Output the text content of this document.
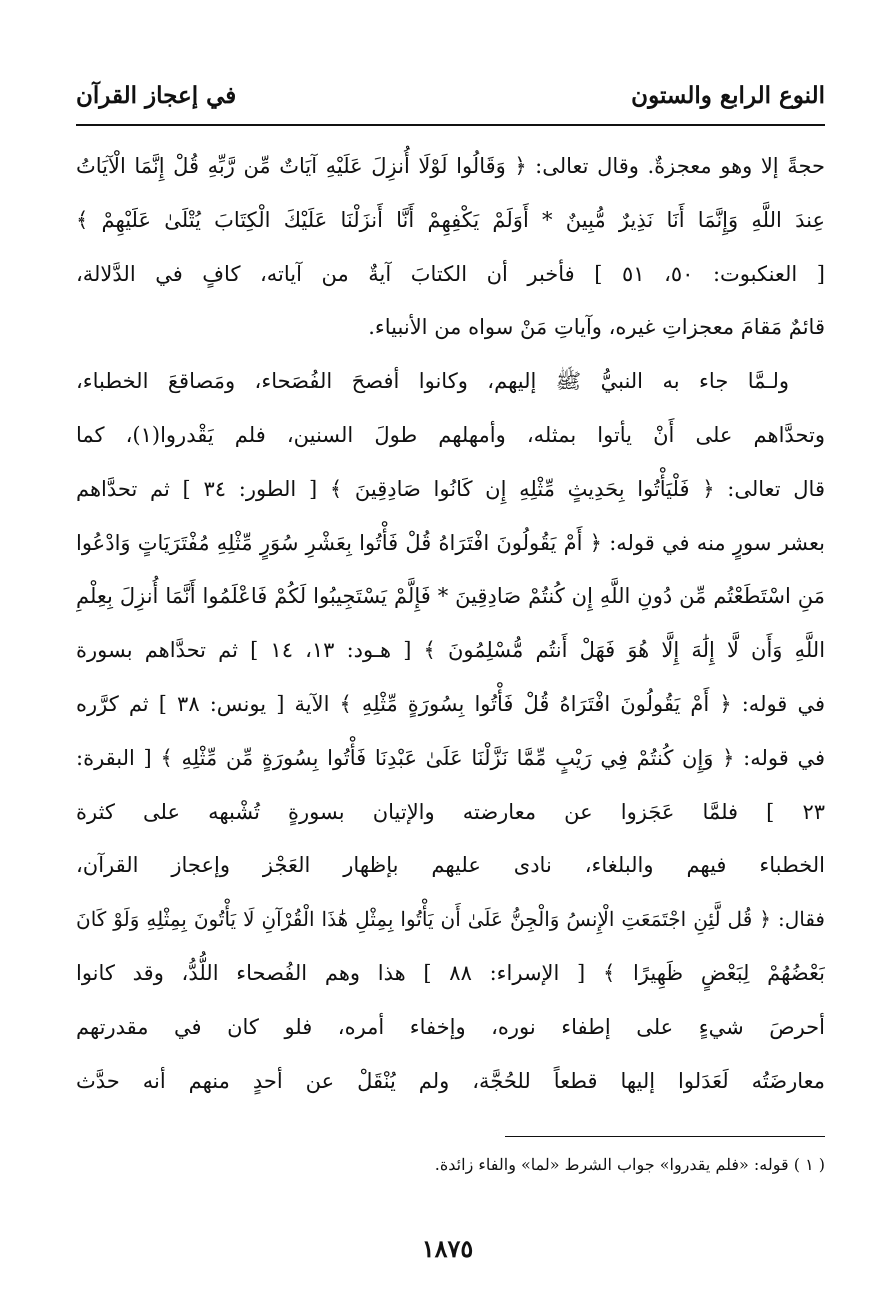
النوع الرابع والستون
في إعجاز القرآن
حجةً إلا وهو معجزةٌ. وقال تعالى: ﴿ وَقَالُوا لَوْلَا أُنزِلَ عَلَيْهِ آيَاتٌ مِّن رَّبِّهِ قُلْ إِنَّمَا الْآيَاتُ
عِندَ اللَّهِ وَإِنَّمَا أَنَا نَذِيرٌ مُّبِينٌ * أَوَلَمْ يَكْفِهِمْ أَنَّا أَنزَلْنَا عَلَيْكَ الْكِتَابَ يُتْلَىٰ عَلَيْهِمْ ﴾
[ العنكبوت: ٥٠، ٥١ ] فأخبر أن الكتابَ آيةٌ من آياته، كافٍ في الدَّلالة،
قائمٌ مَقامَ معجزاتِ غيره، وآياتِ مَنْ سواه من الأنبياء.
ولـمَّا جاء به النبيُّ ﷺ إليهم، وكانوا أفصحَ الفُصَحاء، ومَصاقعَ الخطباء،
وتحدَّاهم على أَنْ يأتوا بمثله، وأمهلهم طولَ السنين، فلم يَقْدروا(١)، كما
قال تعالى: ﴿ فَلْيَأْتُوا بِحَدِيثٍ مِّثْلِهِ إِن كَانُوا صَادِقِينَ ﴾ [ الطور: ٣٤ ] ثم تحدَّاهم
بعشر سورٍ منه في قوله: ﴿ أَمْ يَقُولُونَ افْتَرَاهُ قُلْ فَأْتُوا بِعَشْرِ سُوَرٍ مِّثْلِهِ مُفْتَرَيَاتٍ وَادْعُوا
مَنِ اسْتَطَعْتُم مِّن دُونِ اللَّهِ إِن كُنتُمْ صَادِقِينَ * فَإِلَّمْ يَسْتَجِيبُوا لَكُمْ فَاعْلَمُوا أَنَّمَا أُنزِلَ بِعِلْمِ
اللَّهِ وَأَن لَّا إِلَٰهَ إِلَّا هُوَ فَهَلْ أَنتُم مُّسْلِمُونَ ﴾ [ هـود: ١٣، ١٤ ] ثم تحدَّاهم بسورة
في قوله: ﴿ أَمْ يَقُولُونَ افْتَرَاهُ قُلْ فَأْتُوا بِسُورَةٍ مِّثْلِهِ ﴾ الآية [ يونس: ٣٨ ] ثم كرَّره
في قوله: ﴿ وَإِن كُنتُمْ فِي رَيْبٍ مِّمَّا نَزَّلْنَا عَلَىٰ عَبْدِنَا فَأْتُوا بِسُورَةٍ مِّن مِّثْلِهِ ﴾ [ البقرة:
٢٣ ] فلمَّا عَجَزوا عن معارضته والإتيان بسورةٍ تُشْبهه على كثرة
الخطباء فيهم والبلغاء، نادى عليهم بإظهار العَجْز وإعجاز القرآن،
فقال: ﴿ قُل لَّئِنِ اجْتَمَعَتِ الْإِنسُ وَالْجِنُّ عَلَىٰ أَن يَأْتُوا بِمِثْلِ هَٰذَا الْقُرْآنِ لَا يَأْتُونَ بِمِثْلِهِ وَلَوْ كَانَ
بَعْضُهُمْ لِبَعْضٍ ظَهِيرًا ﴾ [ الإسراء: ٨٨ ] هذا وهم الفُصحاء اللُّدُّ، وقد كانوا
أحرصَ شيءٍ على إطفاء نوره، وإخفاء أمره، فلو كان في مقدرتهم
معارضَتُه لَعَدَلوا إليها قطعاً للحُجَّة، ولم يُنْقَلْ عن أحدٍ منهم أنه حدَّث
( ١ ) قوله: «فلم يقدروا» جواب الشرط «لما» والفاء زائدة.
١٨٧٥
